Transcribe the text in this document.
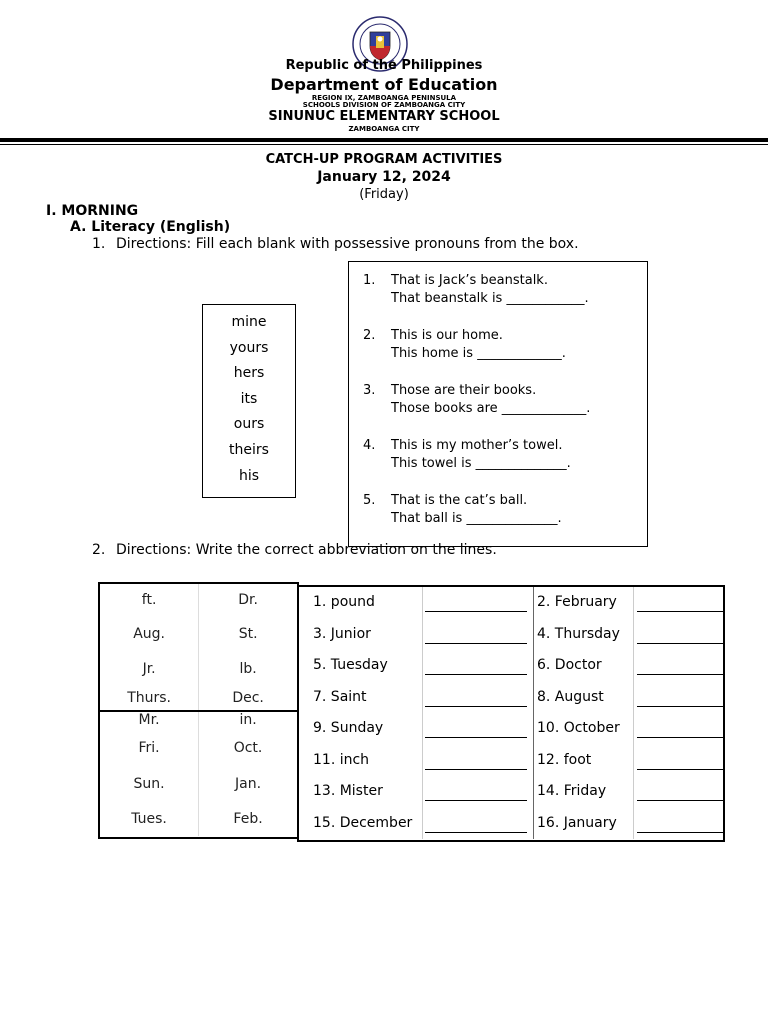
Republic of the Philippines
Department of Education
REGION IX, ZAMBOANGA PENINSULA
SCHOOLS DIVISION OF ZAMBOANGA CITY
SINUNUC ELEMENTARY SCHOOL
ZAMBOANGA CITY
CATCH-UP PROGRAM ACTIVITIES
January 12, 2024
(Friday)
I. MORNING
A. Literacy (English)
1. Directions: Fill each blank with possessive pronouns from the box.
mine
yours
hers
its
ours
theirs
his
1.	That is Jack’s beanstalk.
That beanstalk is ____________.
2.	This is our home.
This home is _____________.
3.	Those are their books.
Those books are _____________.
4.	This is my mother’s towel.
This towel is ______________.
5.	That is the cat’s ball.
That ball is ______________.
2. Directions: Write the correct abbreviation on the lines.
ft.	Dr.
Aug.	St.
Jr.	lb.
Thurs.	Dec.
Mr.	in.
Fri.	Oct.
Sun.	Jan.
Tues.	Feb.
1. pound	2. February
3. Junior	4. Thursday
5. Tuesday	6. Doctor
7. Saint	8. August
9. Sunday	10. October
11. inch	12. foot
13. Mister	14. Friday
15. December	16. January
